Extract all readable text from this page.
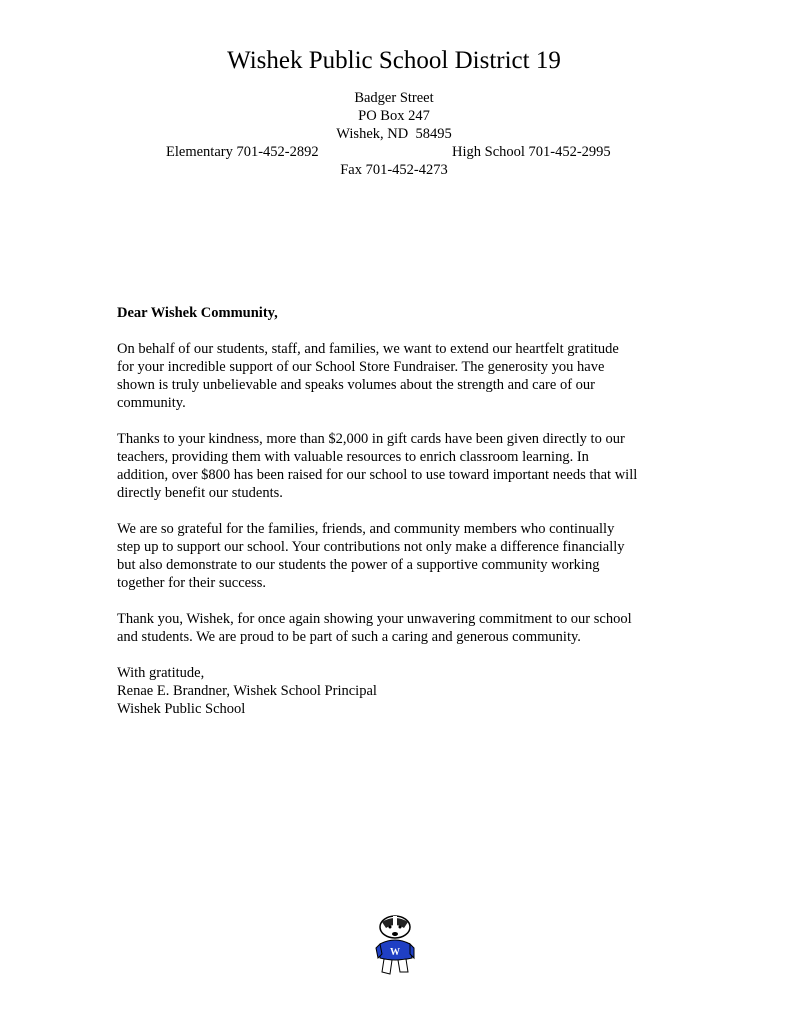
Wishek Public School District 19
Badger Street
PO Box 247
Wishek, ND  58495
Elementary 701-452-2892	High School 701-452-2995
Fax 701-452-4273
Dear Wishek Community,
On behalf of our students, staff, and families, we want to extend our heartfelt gratitude
for your incredible support of our School Store Fundraiser. The generosity you have
shown is truly unbelievable and speaks volumes about the strength and care of our
community.
Thanks to your kindness, more than $2,000 in gift cards have been given directly to our
teachers, providing them with valuable resources to enrich classroom learning. In
addition, over $800 has been raised for our school to use toward important needs that will
directly benefit our students.
We are so grateful for the families, friends, and community members who continually
step up to support our school. Your contributions not only make a difference financially
but also demonstrate to our students the power of a supportive community working
together for their success.
Thank you, Wishek, for once again showing your unwavering commitment to our school
and students. We are proud to be part of such a caring and generous community.
With gratitude,
Renae E. Brandner, Wishek School Principal
Wishek Public School
W
